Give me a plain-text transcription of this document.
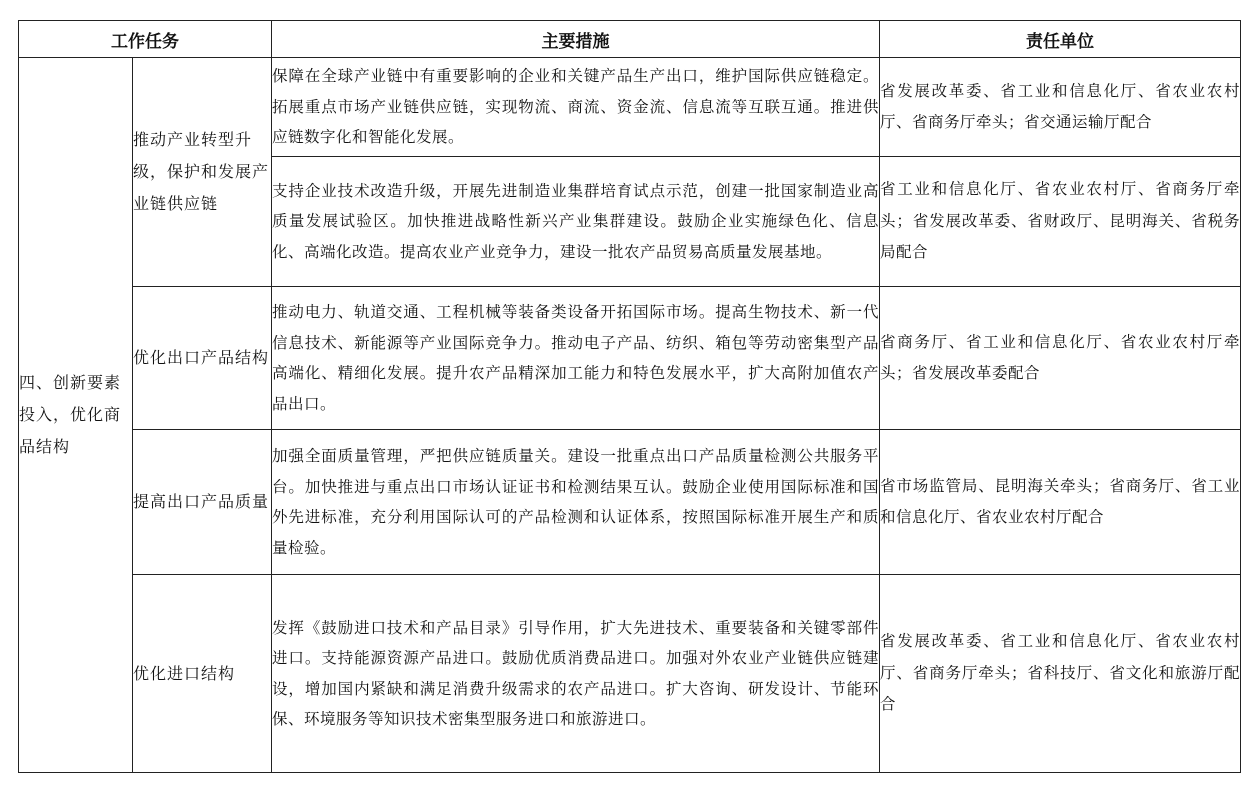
工作任务		主要措施	责任单位
四、创新要素投入，优化商品结构	推动产业转型升级，保护和发展产业链供应链	保障在全球产业链中有重要影响的企业和关键产品生产出口，维护国际供应链稳定。拓展重点市场产业链供应链，实现物流、商流、资金流、信息流等互联互通。推进供应链数字化和智能化发展。	省发展改革委、省工业和信息化厅、省农业农村厅、省商务厅牵头；省交通运输厅配合
		支持企业技术改造升级，开展先进制造业集群培育试点示范，创建一批国家制造业高质量发展试验区。加快推进战略性新兴产业集群建设。鼓励企业实施绿色化、信息化、高端化改造。提高农业产业竞争力，建设一批农产品贸易高质量发展基地。	省工业和信息化厅、省农业农村厅、省商务厅牵头；省发展改革委、省财政厅、昆明海关、省税务局配合
	优化出口产品结构	推动电力、轨道交通、工程机械等装备类设备开拓国际市场。提高生物技术、新一代信息技术、新能源等产业国际竞争力。推动电子产品、纺织、箱包等劳动密集型产品高端化、精细化发展。提升农产品精深加工能力和特色发展水平，扩大高附加值农产品出口。	省商务厅、省工业和信息化厅、省农业农村厅牵头；省发展改革委配合
	提高出口产品质量	加强全面质量管理，严把供应链质量关。建设一批重点出口产品质量检测公共服务平台。加快推进与重点出口市场认证证书和检测结果互认。鼓励企业使用国际标准和国外先进标准，充分利用国际认可的产品检测和认证体系，按照国际标准开展生产和质量检验。	省市场监管局、昆明海关牵头；省商务厅、省工业和信息化厅、省农业农村厅配合
	优化进口结构	发挥《鼓励进口技术和产品目录》引导作用，扩大先进技术、重要装备和关键零部件进口。支持能源资源产品进口。鼓励优质消费品进口。加强对外农业产业链供应链建设，增加国内紧缺和满足消费升级需求的农产品进口。扩大咨询、研发设计、节能环保、环境服务等知识技术密集型服务进口和旅游进口。	省发展改革委、省工业和信息化厅、省农业农村厅、省商务厅牵头；省科技厅、省文化和旅游厅配合
